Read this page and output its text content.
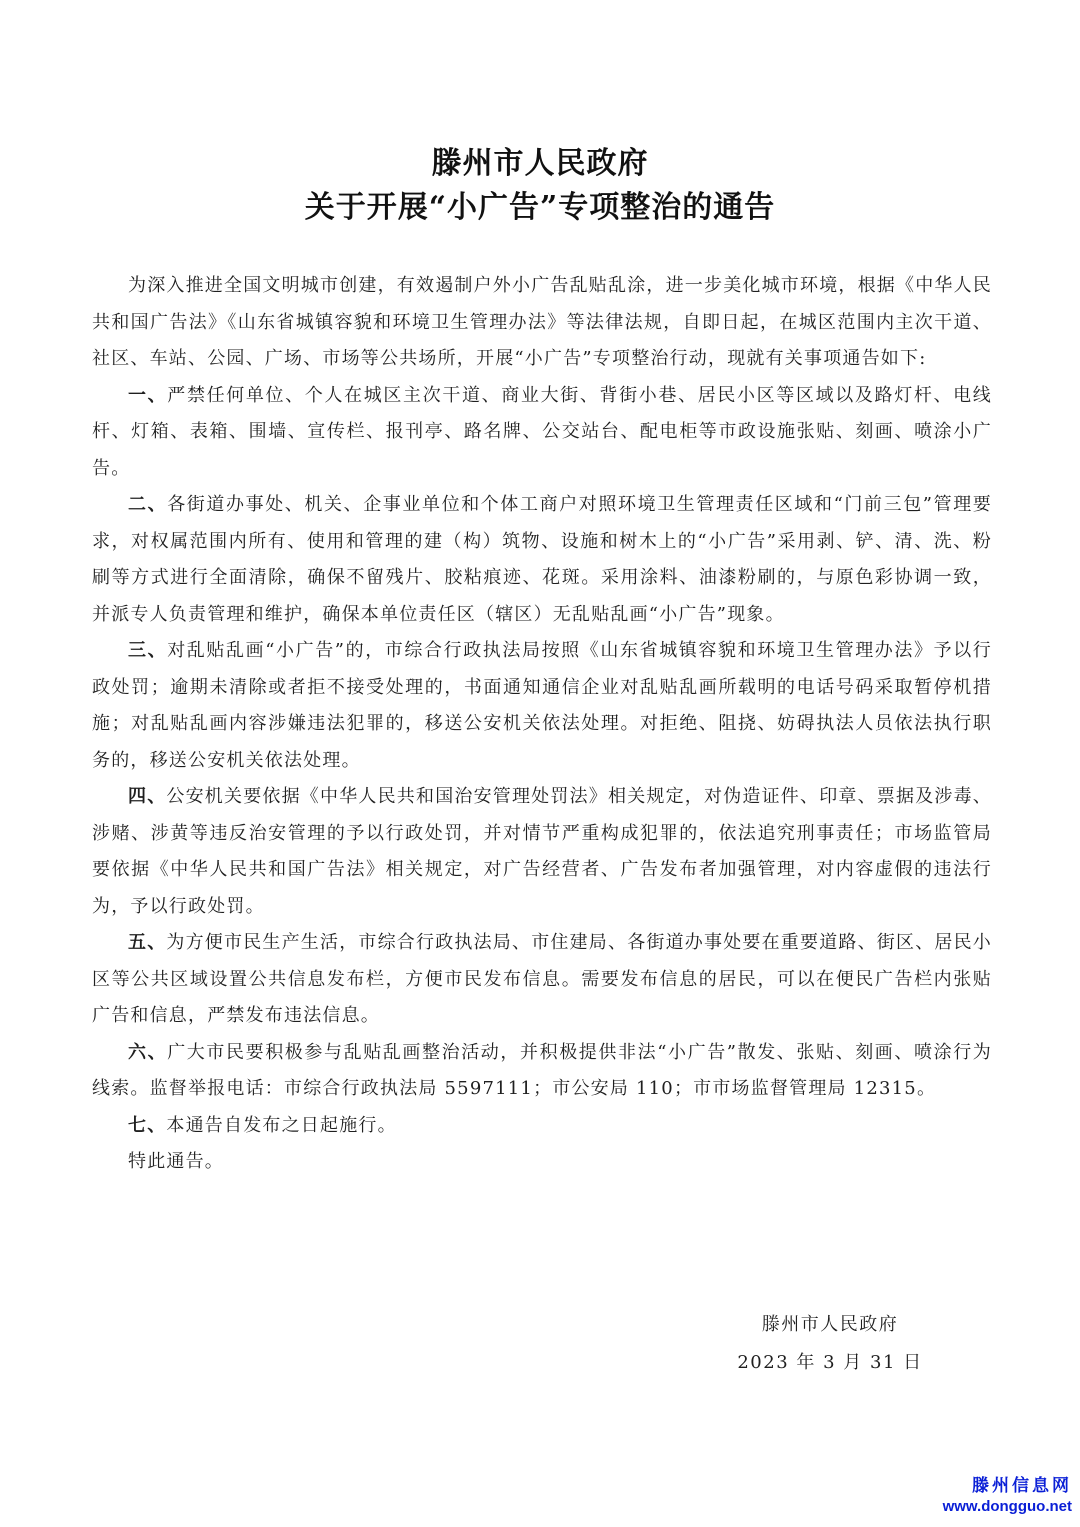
滕州市人民政府
关于开展“小广告”专项整治的通告

为深入推进全国文明城市创建，有效遏制户外小广告乱贴乱涂，进一步美化城市环境，根据《中华人民共和国广告法》《山东省城镇容貌和环境卫生管理办法》等法律法规，自即日起，在城区范围内主次干道、社区、车站、公园、广场、市场等公共场所，开展“小广告”专项整治行动，现就有关事项通告如下:

一、严禁任何单位、个人在城区主次干道、商业大街、背街小巷、居民小区等区域以及路灯杆、电线杆、灯箱、表箱、围墙、宣传栏、报刊亭、路名牌、公交站台、配电柜等市政设施张贴、刻画、喷涂小广告。

二、各街道办事处、机关、企事业单位和个体工商户对照环境卫生管理责任区域和“门前三包”管理要求，对权属范围内所有、使用和管理的建（构）筑物、设施和树木上的“小广告”采用剥、铲、清、洗、粉刷等方式进行全面清除，确保不留残片、胶粘痕迹、花斑。采用涂料、油漆粉刷的，与原色彩协调一致，并派专人负责管理和维护，确保本单位责任区（辖区）无乱贴乱画“小广告”现象。

三、对乱贴乱画“小广告”的，市综合行政执法局按照《山东省城镇容貌和环境卫生管理办法》予以行政处罚；逾期未清除或者拒不接受处理的，书面通知通信企业对乱贴乱画所载明的电话号码采取暂停机措施；对乱贴乱画内容涉嫌违法犯罪的，移送公安机关依法处理。对拒绝、阻挠、妨碍执法人员依法执行职务的，移送公安机关依法处理。

四、公安机关要依据《中华人民共和国治安管理处罚法》相关规定，对伪造证件、印章、票据及涉毒、涉赌、涉黄等违反治安管理的予以行政处罚，并对情节严重构成犯罪的，依法追究刑事责任；市场监管局要依据《中华人民共和国广告法》相关规定，对广告经营者、广告发布者加强管理，对内容虚假的违法行为，予以行政处罚。

五、为方便市民生产生活，市综合行政执法局、市住建局、各街道办事处要在重要道路、街区、居民小区等公共区域设置公共信息发布栏，方便市民发布信息。需要发布信息的居民，可以在便民广告栏内张贴广告和信息，严禁发布违法信息。

六、广大市民要积极参与乱贴乱画整治活动，并积极提供非法“小广告”散发、张贴、刻画、喷涂行为线索。监督举报电话：市综合行政执法局 5597111；市公安局 110；市市场监督管理局 12315。

七、本通告自发布之日起施行。

特此通告。

滕州市人民政府
2023 年 3 月 31 日
滕州信息网
www.dongguo.net
